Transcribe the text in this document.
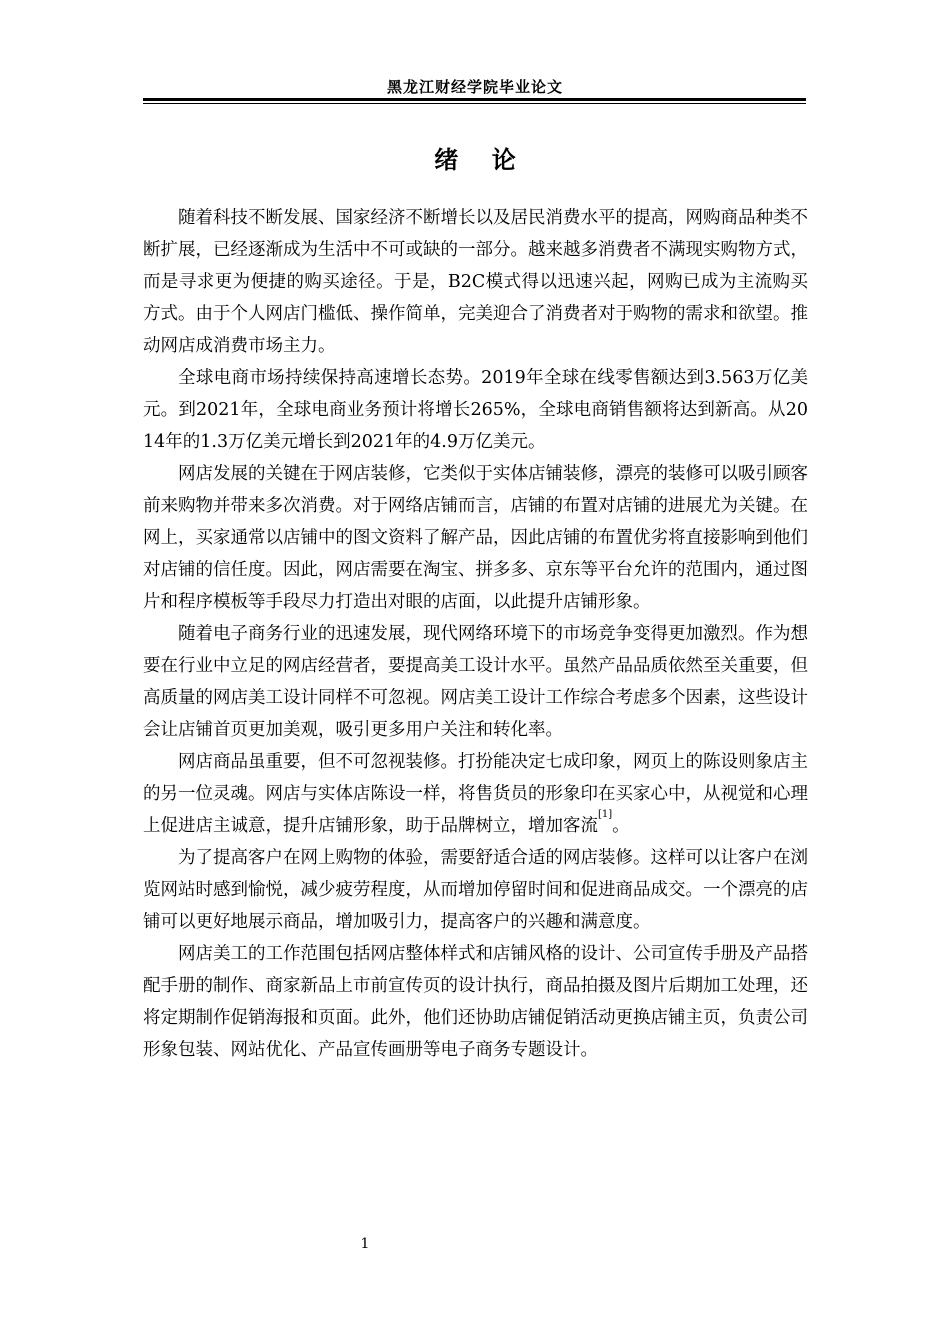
黑龙江财经学院毕业论文
绪    论

随着科技不断发展、国家经济不断增长以及居民消费水平的提高，网购商品种类不断扩展，已经逐渐成为生活中不可或缺的一部分。越来越多消费者不满现实购物方式，而是寻求更为便捷的购买途径。于是，B2C模式得以迅速兴起，网购已成为主流购买方式。由于个人网店门槛低、操作简单，完美迎合了消费者对于购物的需求和欲望。推动网店成消费市场主力。

全球电商市场持续保持高速增长态势。2019年全球在线零售额达到3.563万亿美元。到2021年，全球电商业务预计将增长265%，全球电商销售额将达到新高。从2014年的1.3万亿美元增长到2021年的4.9万亿美元。

网店发展的关键在于网店装修，它类似于实体店铺装修，漂亮的装修可以吸引顾客前来购物并带来多次消费。对于网络店铺而言，店铺的布置对店铺的进展尤为关键。在网上，买家通常以店铺中的图文资料了解产品，因此店铺的布置优劣将直接影响到他们对店铺的信任度。因此，网店需要在淘宝、拼多多、京东等平台允许的范围内，通过图片和程序模板等手段尽力打造出对眼的店面，以此提升店铺形象。

随着电子商务行业的迅速发展，现代网络环境下的市场竞争变得更加激烈。作为想要在行业中立足的网店经营者，要提高美工设计水平。虽然产品品质依然至关重要，但高质量的网店美工设计同样不可忽视。网店美工设计工作综合考虑多个因素，这些设计会让店铺首页更加美观，吸引更多用户关注和转化率。

网店商品虽重要，但不可忽视装修。打扮能决定七成印象，网页上的陈设则象店主的另一位灵魂。网店与实体店陈设一样，将售货员的形象印在买家心中，从视觉和心理上促进店主诚意，提升店铺形象，助于品牌树立，增加客流[1]。

为了提高客户在网上购物的体验，需要舒适合适的网店装修。这样可以让客户在浏览网站时感到愉悦，减少疲劳程度，从而增加停留时间和促进商品成交。一个漂亮的店铺可以更好地展示商品，增加吸引力，提高客户的兴趣和满意度。

网店美工的工作范围包括网店整体样式和店铺风格的设计、公司宣传手册及产品搭配手册的制作、商家新品上市前宣传页的设计执行，商品拍摄及图片后期加工处理，还将定期制作促销海报和页面。此外，他们还协助店铺促销活动更换店铺主页，负责公司形象包装、网站优化、产品宣传画册等电子商务专题设计。

1
